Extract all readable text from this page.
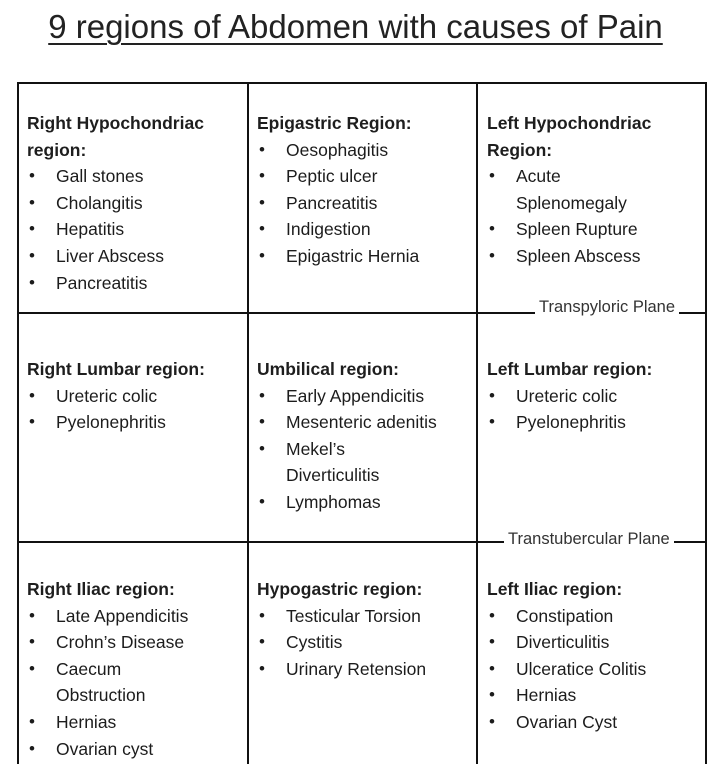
9 regions of Abdomen with causes of Pain
Transpyloric Plane
Transtubercular Plane
Right Hypochondriac region:
• Gall stones
• Cholangitis
• Hepatitis
• Liver Abscess
• Pancreatitis
Epigastric Region:
• Oesophagitis
• Peptic ulcer
• Pancreatitis
• Indigestion
• Epigastric Hernia
Left Hypochondriac Region:
• Acute Splenomegaly
• Spleen Rupture
• Spleen Abscess
Right Lumbar region:
• Ureteric colic
• Pyelonephritis
Umbilical region:
• Early Appendicitis
• Mesenteric adenitis
• Mekel’s Diverticulitis
• Lymphomas
Left Lumbar region:
• Ureteric colic
• Pyelonephritis
Right Iliac region:
• Late Appendicitis
• Crohn’s Disease
• Caecum Obstruction
• Hernias
• Ovarian cyst
Hypogastric region:
• Testicular Torsion
• Cystitis
• Urinary Retension
Left Iliac region:
• Constipation
• Diverticulitis
• Ulceratice Colitis
• Hernias
• Ovarian Cyst
